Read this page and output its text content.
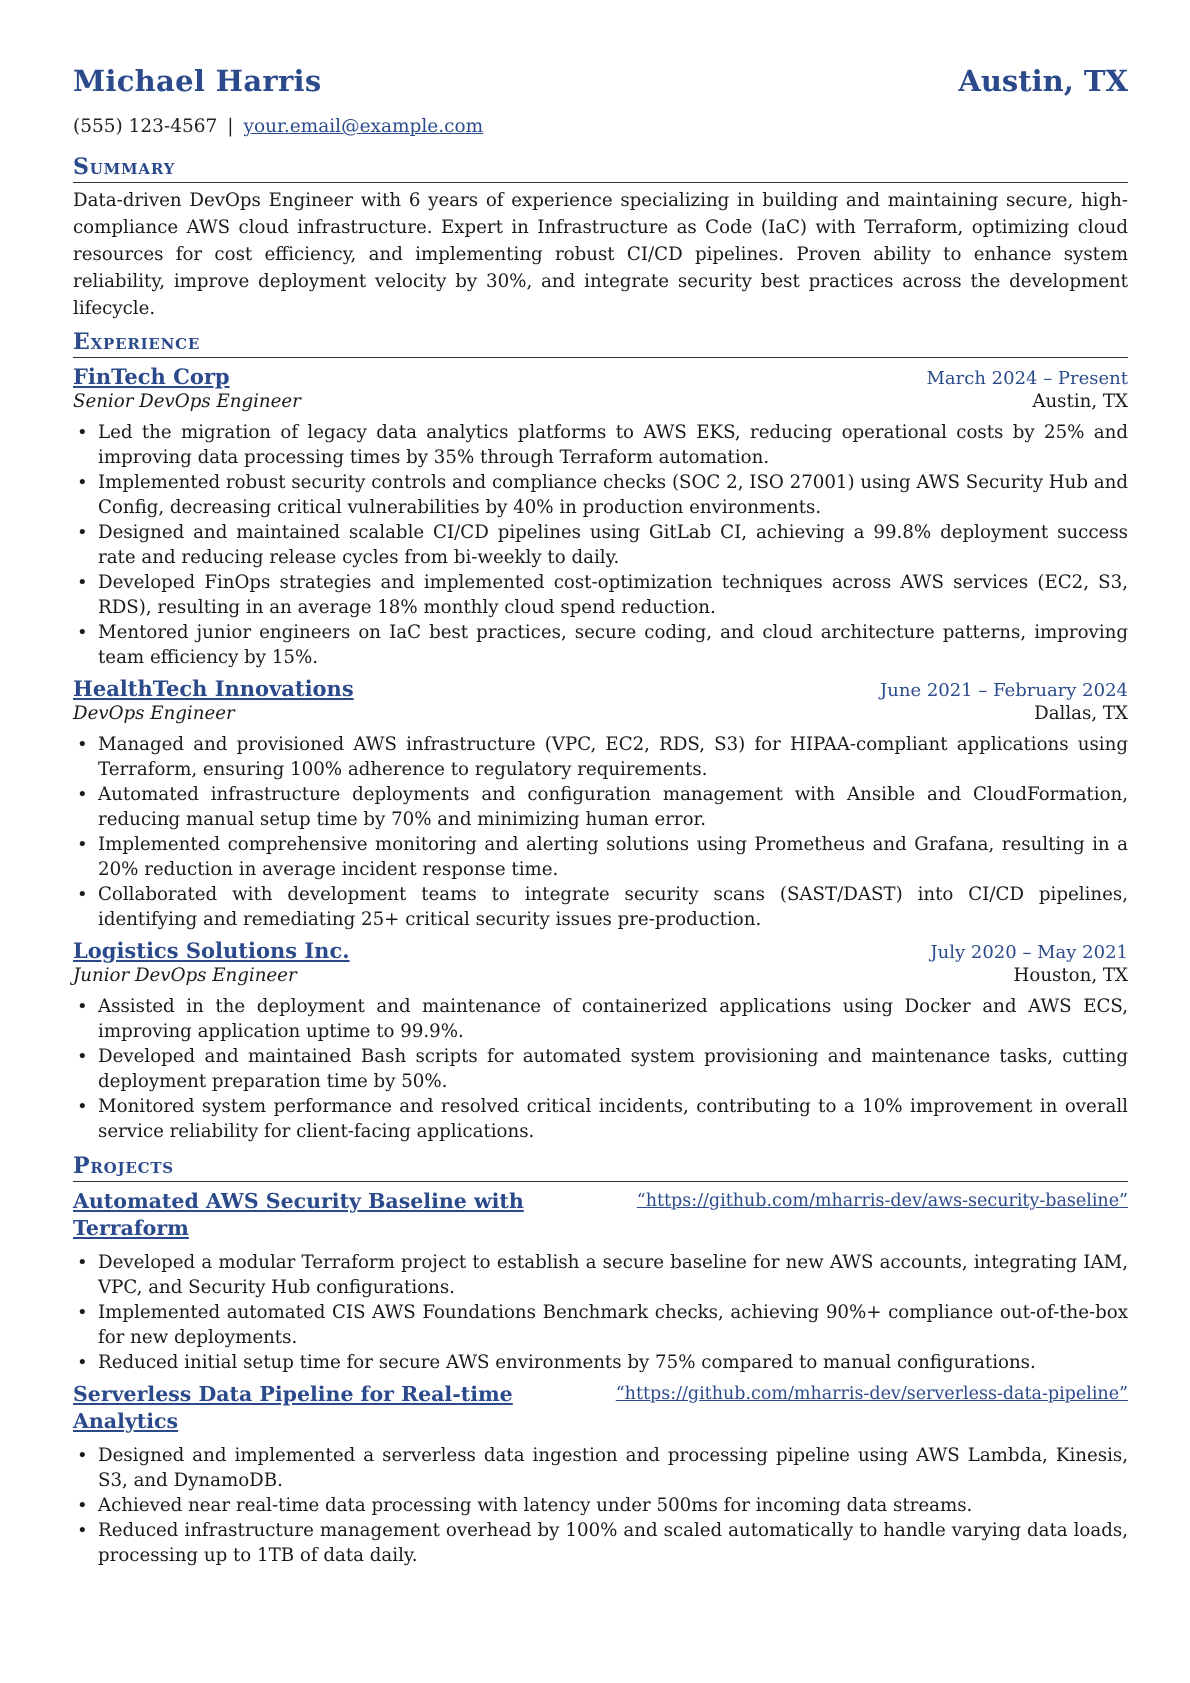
Michael Harris	Austin, TX
(555) 123-4567 | your.email@example.com
Summary
Data-driven DevOps Engineer with 6 years of experience specializing in building and maintaining secure, high-compliance AWS cloud infrastructure. Expert in Infrastructure as Code (IaC) with Terraform, optimizing cloud resources for cost efficiency, and implementing robust CI/CD pipelines. Proven ability to enhance system reliability, improve deployment velocity by 30%, and integrate security best practices across the development lifecycle.
Experience
FinTech Corp	March 2024 – Present
Senior DevOps Engineer	Austin, TX
• Led the migration of legacy data analytics platforms to AWS EKS, reducing operational costs by 25% and improving data processing times by 35% through Terraform automation.
• Implemented robust security controls and compliance checks (SOC 2, ISO 27001) using AWS Security Hub and Config, decreasing critical vulnerabilities by 40% in production environments.
• Designed and maintained scalable CI/CD pipelines using GitLab CI, achieving a 99.8% deployment success rate and reducing release cycles from bi-weekly to daily.
• Developed FinOps strategies and implemented cost-optimization techniques across AWS services (EC2, S3, RDS), resulting in an average 18% monthly cloud spend reduction.
• Mentored junior engineers on IaC best practices, secure coding, and cloud architecture patterns, improving team efficiency by 15%.
HealthTech Innovations	June 2021 – February 2024
DevOps Engineer	Dallas, TX
• Managed and provisioned AWS infrastructure (VPC, EC2, RDS, S3) for HIPAA-compliant applications using Terraform, ensuring 100% adherence to regulatory requirements.
• Automated infrastructure deployments and configuration management with Ansible and CloudFormation, reducing manual setup time by 70% and minimizing human error.
• Implemented comprehensive monitoring and alerting solutions using Prometheus and Grafana, resulting in a 20% reduction in average incident response time.
• Collaborated with development teams to integrate security scans (SAST/DAST) into CI/CD pipelines, identifying and remediating 25+ critical security issues pre-production.
Logistics Solutions Inc.	July 2020 – May 2021
Junior DevOps Engineer	Houston, TX
• Assisted in the deployment and maintenance of containerized applications using Docker and AWS ECS, improving application uptime to 99.9%.
• Developed and maintained Bash scripts for automated system provisioning and maintenance tasks, cutting deployment preparation time by 50%.
• Monitored system performance and resolved critical incidents, contributing to a 10% improvement in overall service reliability for client-facing applications.
Projects
Automated AWS Security Baseline with Terraform
“https://github.com/mharris-dev/aws-security-baseline”
• Developed a modular Terraform project to establish a secure baseline for new AWS accounts, integrating IAM, VPC, and Security Hub configurations.
• Implemented automated CIS AWS Foundations Benchmark checks, achieving 90%+ compliance out-of-the-box for new deployments.
• Reduced initial setup time for secure AWS environments by 75% compared to manual configurations.
Serverless Data Pipeline for Real-time Analytics
“https://github.com/mharris-dev/serverless-data-pipeline”
• Designed and implemented a serverless data ingestion and processing pipeline using AWS Lambda, Kinesis, S3, and DynamoDB.
• Achieved near real-time data processing with latency under 500ms for incoming data streams.
• Reduced infrastructure management overhead by 100% and scaled automatically to handle varying data loads, processing up to 1TB of data daily.
